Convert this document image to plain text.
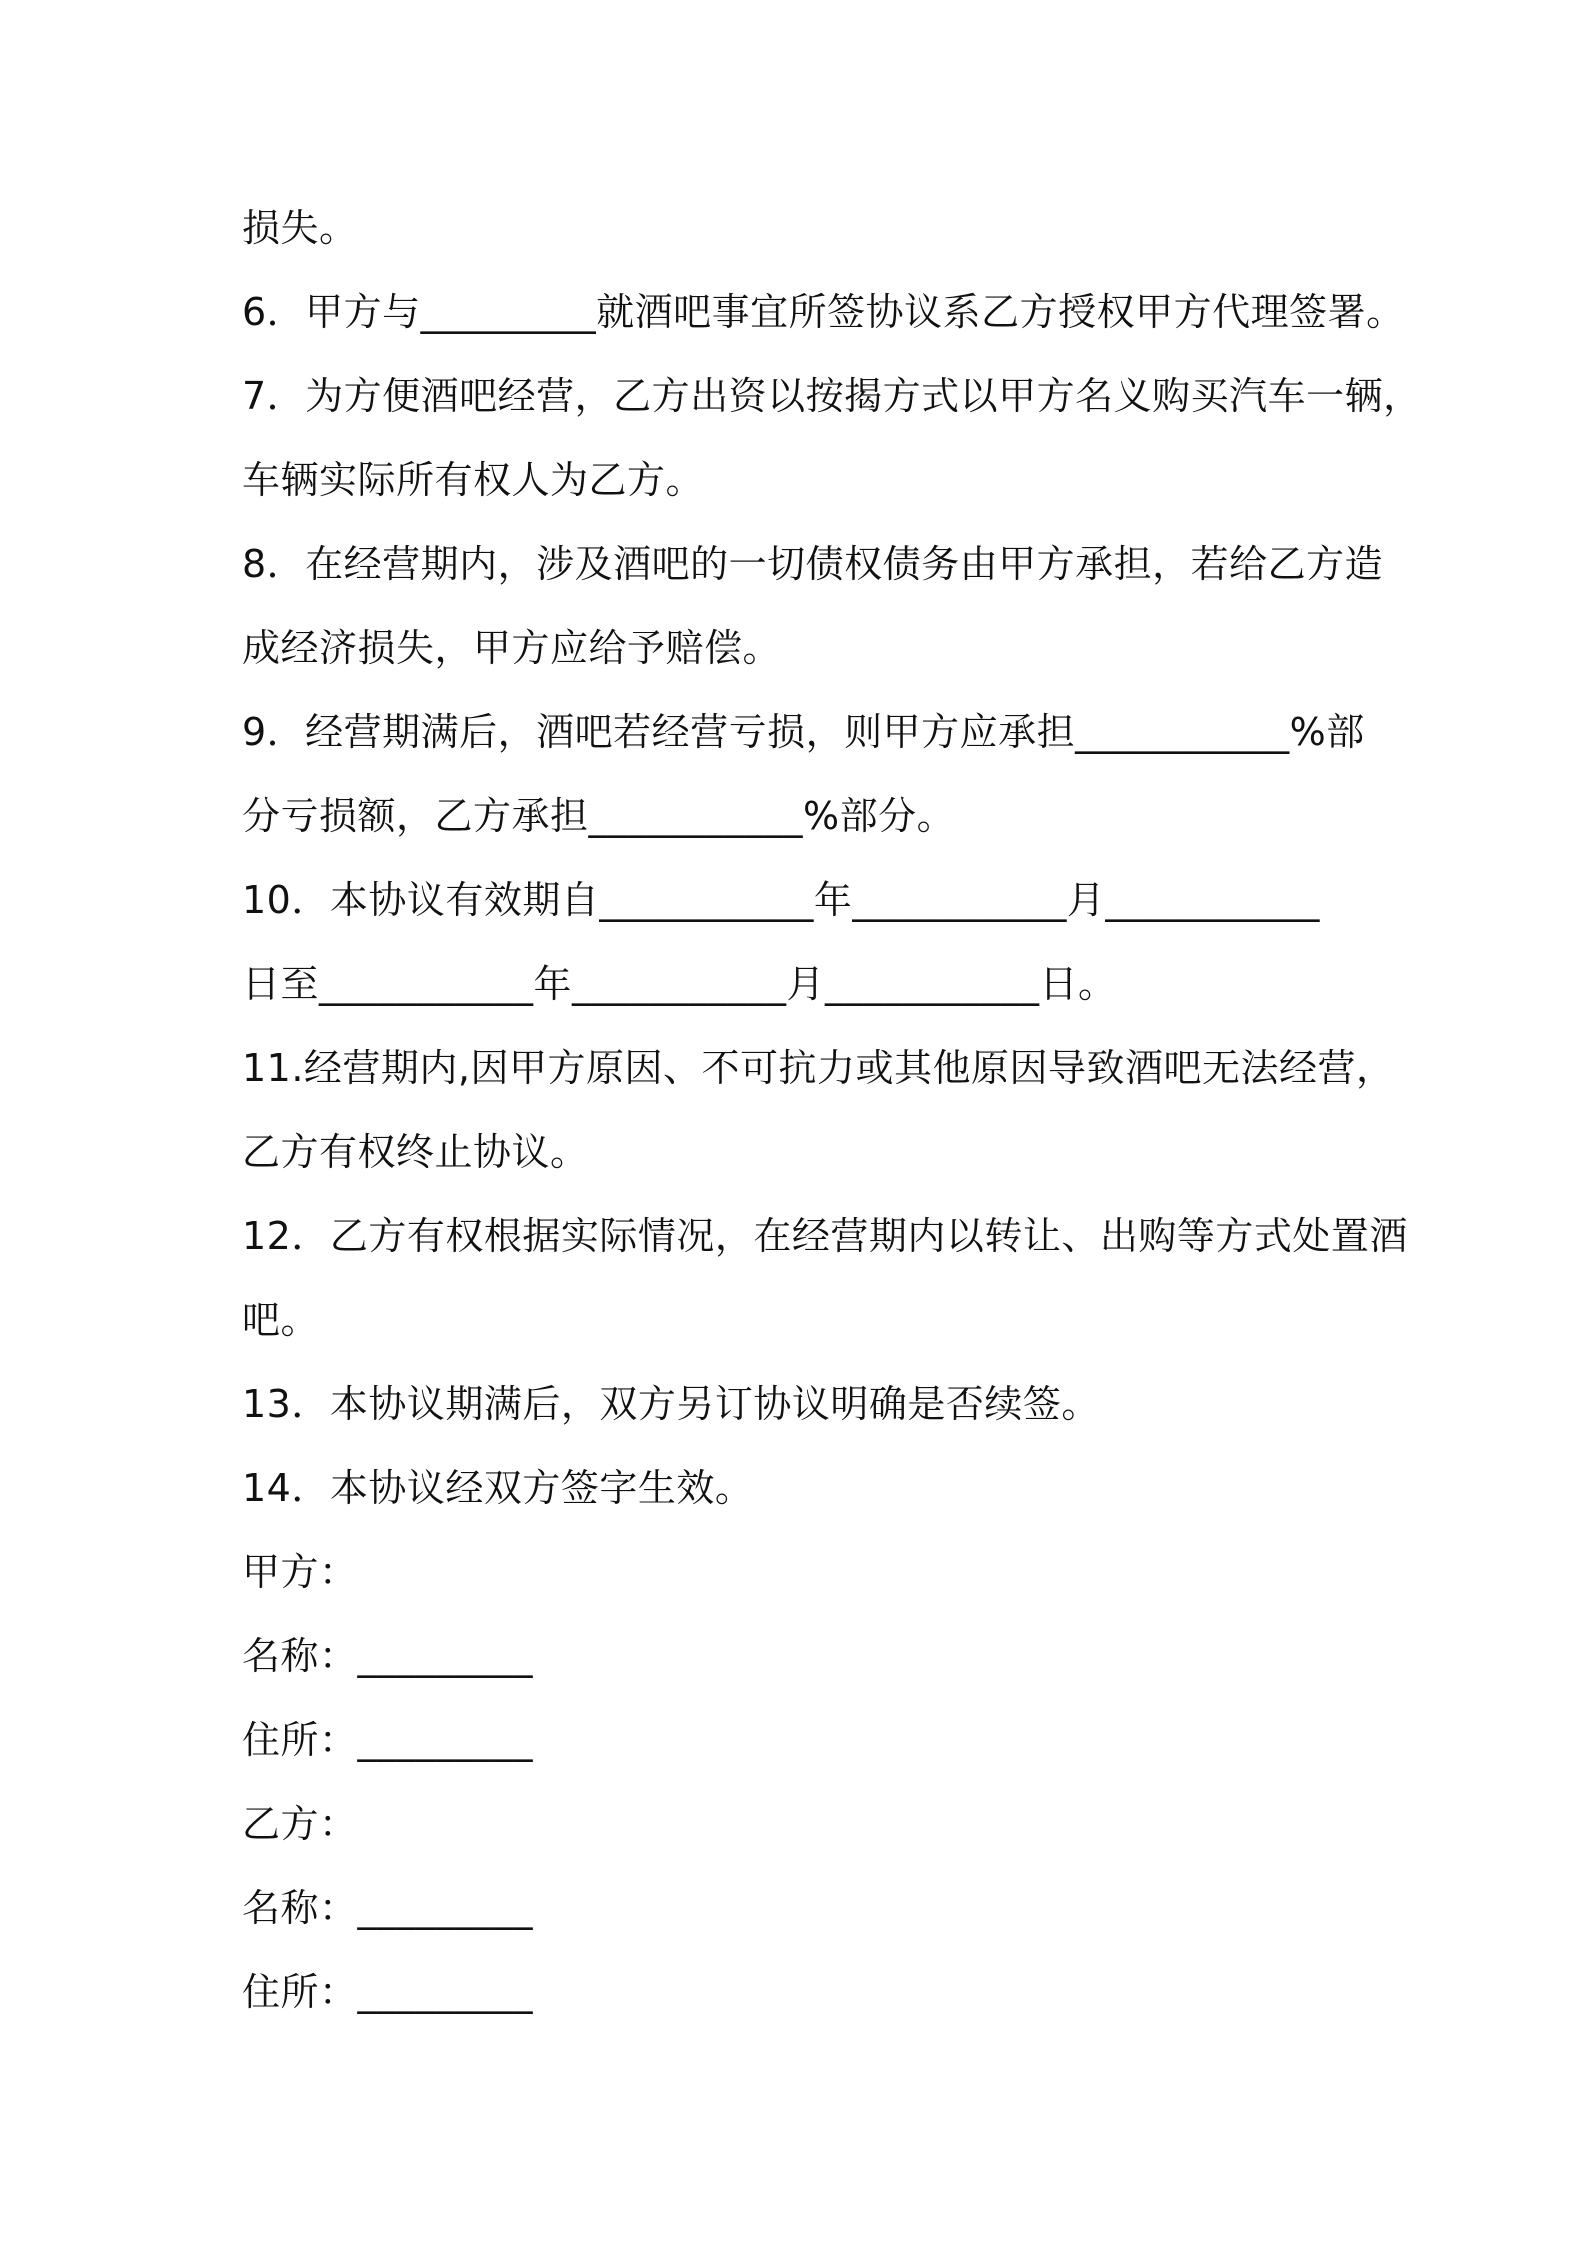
损失。
6．甲方与_________就酒吧事宜所签协议系乙方授权甲方代理签署。
7．为方便酒吧经营，乙方出资以按揭方式以甲方名义购买汽车一辆，
车辆实际所有权人为乙方。
8．在经营期内，涉及酒吧的一切债权债务由甲方承担，若给乙方造
成经济损失，甲方应给予赔偿。
9．经营期满后，酒吧若经营亏损，则甲方应承担___________%部
分亏损额，乙方承担___________%部分。
10．本协议有效期自___________年___________月___________
日至___________年___________月___________日。
11.经营期内,因甲方原因、不可抗力或其他原因导致酒吧无法经营，
乙方有权终止协议。
12．乙方有权根据实际情况，在经营期内以转让、出购等方式处置酒
吧。
13．本协议期满后，双方另订协议明确是否续签。
14．本协议经双方签字生效。
甲方：
名称：_________
住所：_________
乙方：
名称：_________
住所：_________
